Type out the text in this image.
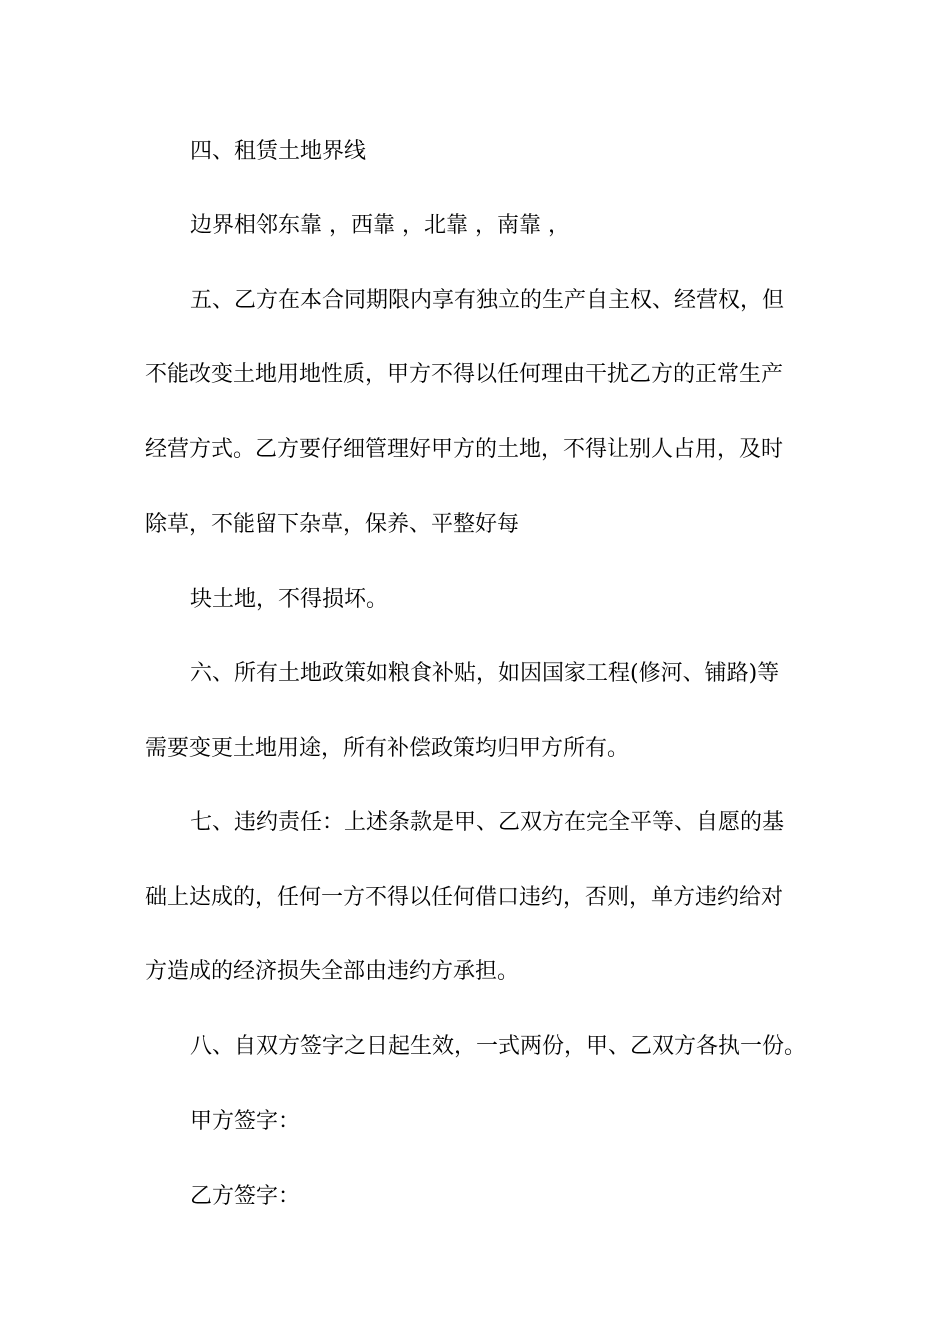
四、租赁土地界线
边界相邻东靠 ，西靠 ，北靠 ，南靠 ，
五、乙方在本合同期限内享有独立的生产自主权、经营权，但
不能改变土地用地性质，甲方不得以任何理由干扰乙方的正常生产
经营方式。乙方要仔细管理好甲方的土地，不得让别人占用，及时
除草，不能留下杂草，保养、平整好每
块土地，不得损坏。
六、所有土地政策如粮食补贴，如因国家工程(修河、铺路)等
需要变更土地用途，所有补偿政策均归甲方所有。
七、违约责任：上述条款是甲、乙双方在完全平等、自愿的基
础上达成的，任何一方不得以任何借口违约，否则，单方违约给对
方造成的经济损失全部由违约方承担。
八、自双方签字之日起生效，一式两份，甲、乙双方各执一份。
甲方签字：
乙方签字：
